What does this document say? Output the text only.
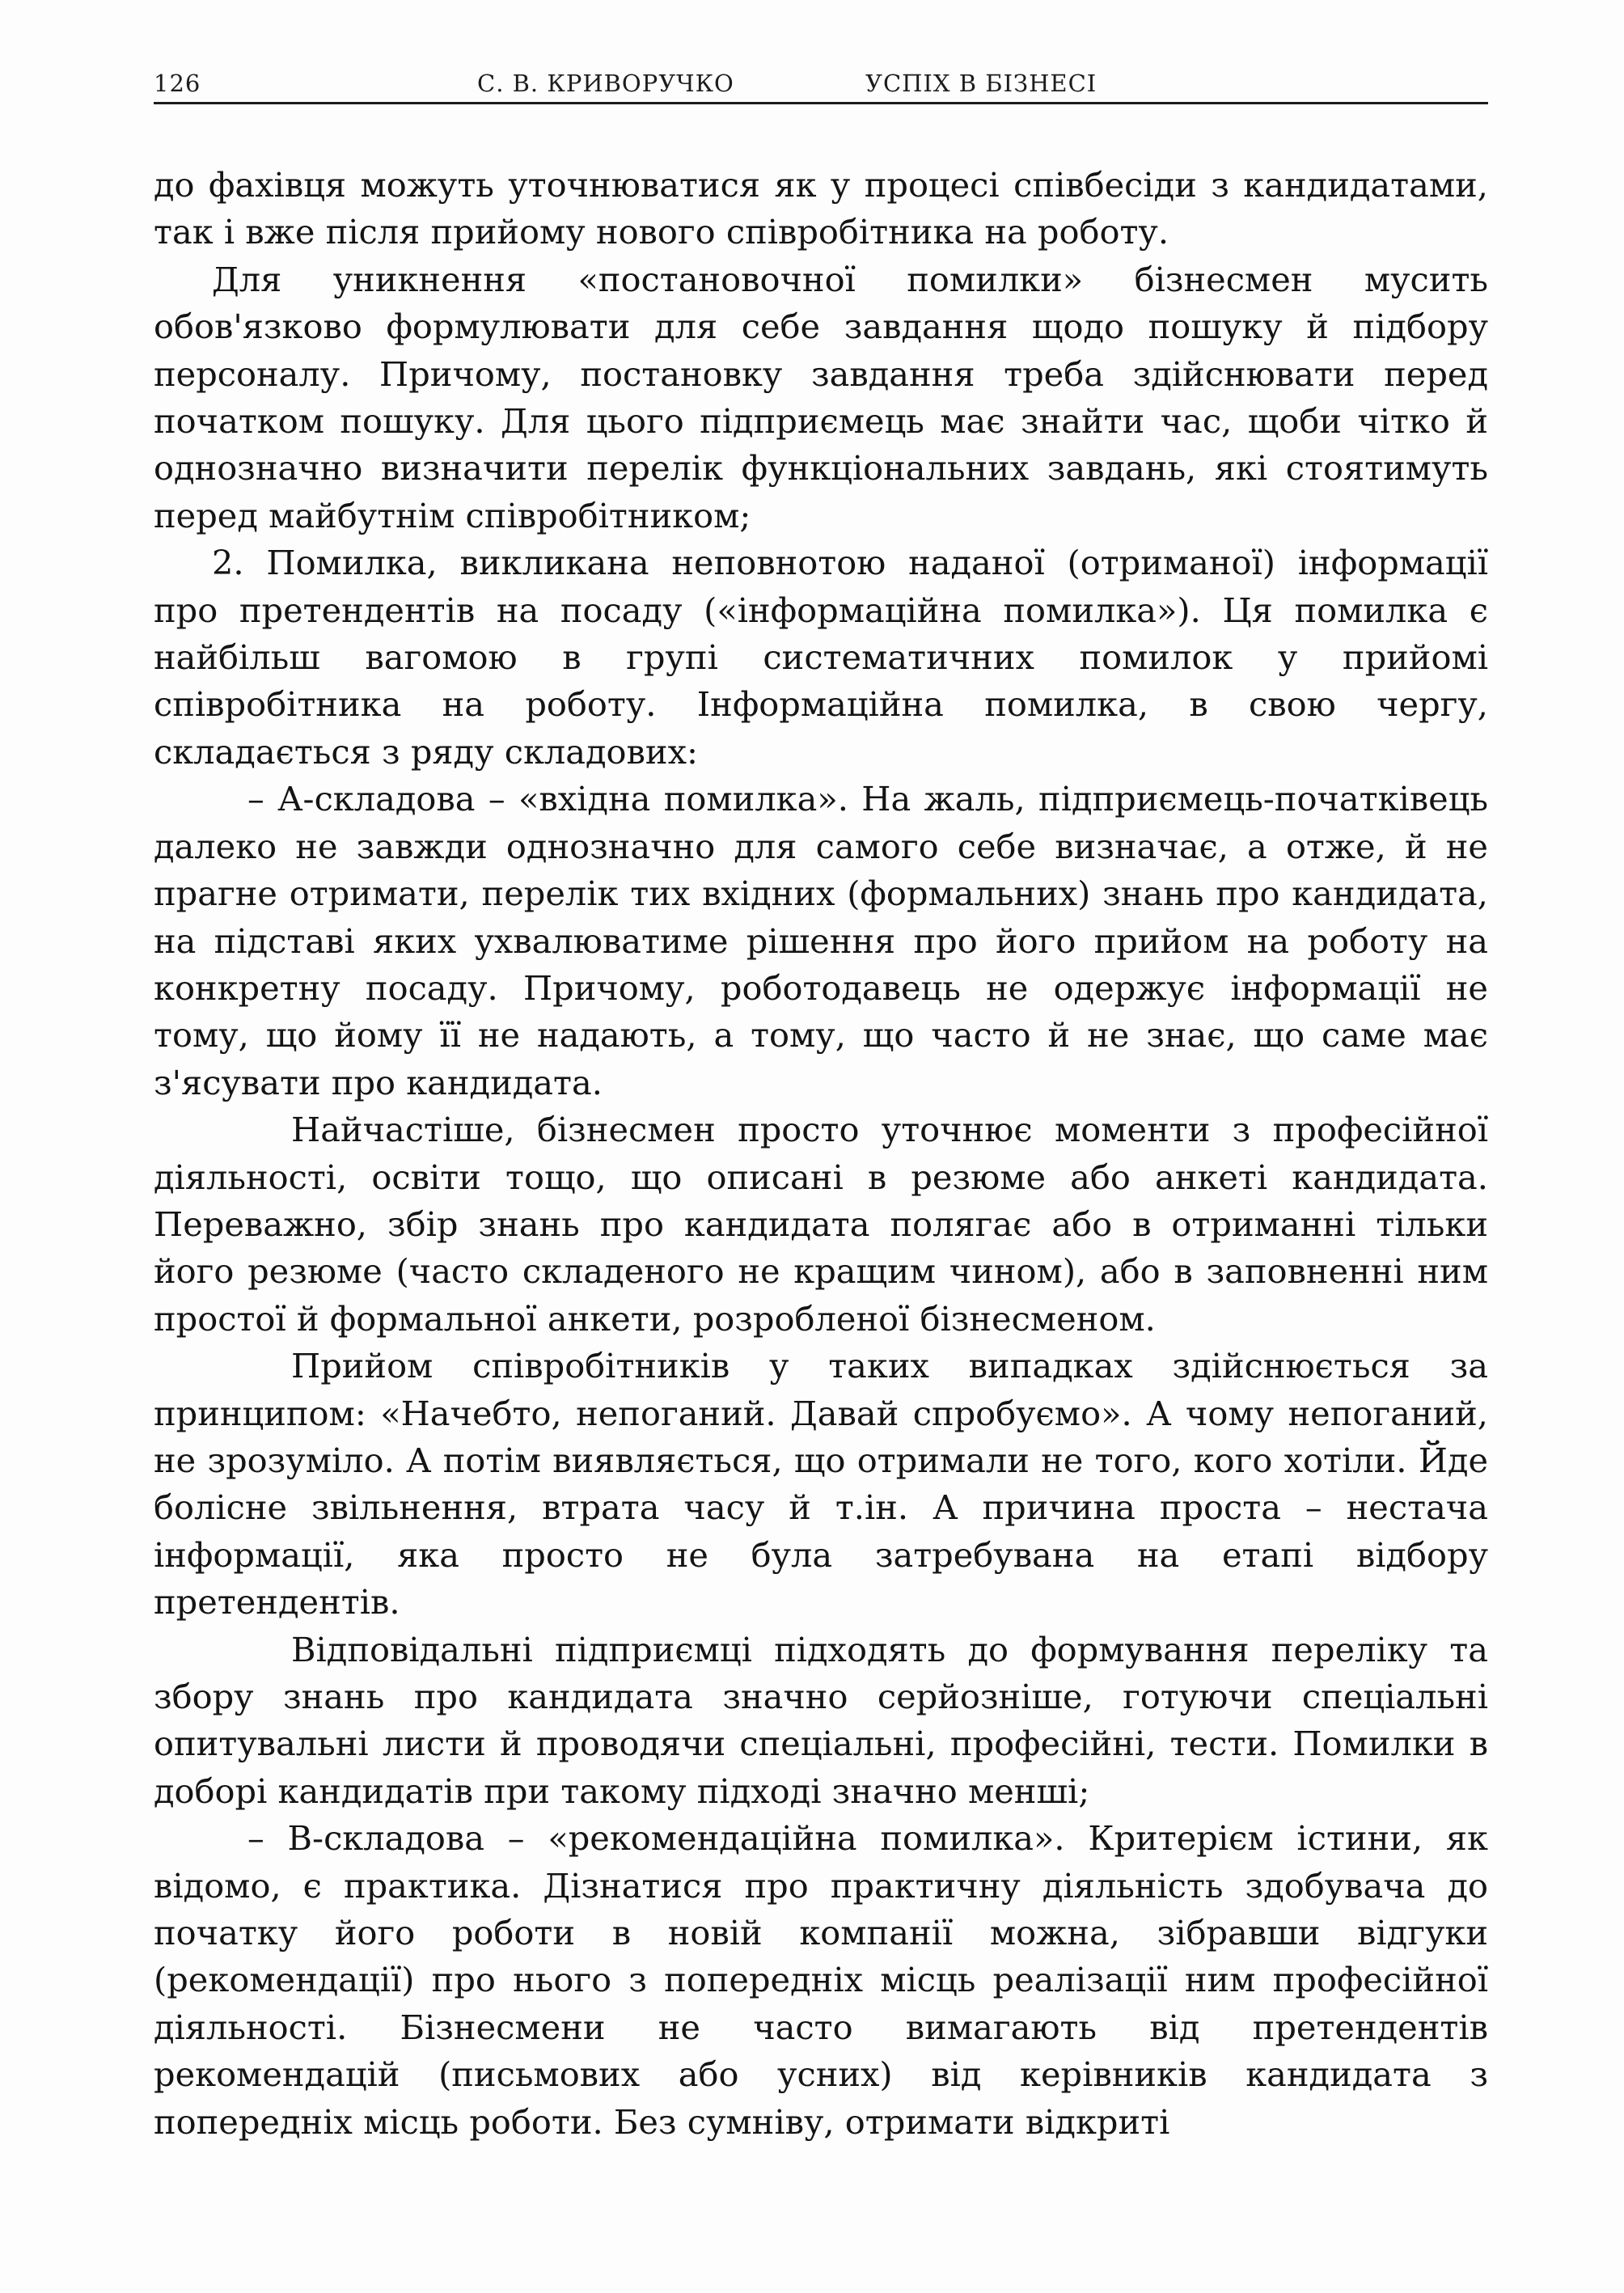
126	С. В. КРИВОРУЧКО	УСПІХ В БІЗНЕСІ

до фахівця можуть уточнюватися як у процесі співбесіди з кандидатами, так і вже після прийому нового співробітника на роботу.

Для уникнення «постановочної помилки» бізнесмен мусить обов'язково формулювати для себе завдання щодо пошуку й підбору персоналу. Причому, постановку завдання треба здійснювати перед початком пошуку. Для цього підприємець має знайти час, щоби чітко й однозначно визначити перелік функціональних завдань, які стоятимуть перед майбутнім співробітником;

2. Помилка, викликана неповнотою наданої (отриманої) інформації про претендентів на посаду («інформаційна помилка»). Ця помилка є найбільш вагомою в групі систематичних помилок у прийомі співробітника на роботу. Інформаційна помилка, в свою чергу, складається з ряду складових:

– А-складова – «вхідна помилка». На жаль, підприємець-початківець далеко не завжди однозначно для самого себе визначає, а отже, й не прагне отримати, перелік тих вхідних (формальних) знань про кандидата, на підставі яких ухвалюватиме рішення про його прийом на роботу на конкретну посаду. Причому, роботодавець не одержує інформації не тому, що йому її не надають, а тому, що часто й не знає, що саме має з'ясувати про кандидата.

Найчастіше, бізнесмен просто уточнює моменти з професійної діяльності, освіти тощо, що описані в резюме або анкеті кандидата. Переважно, збір знань про кандидата полягає або в отриманні тільки його резюме (часто складеного не кращим чином), або в заповненні ним простої й формальної анкети, розробленої бізнесменом.

Прийом співробітників у таких випадках здійснюється за принципом: «Начебто, непоганий. Давай спробуємо». А чому непоганий, не зрозуміло. А потім виявляється, що отримали не того, кого хотіли. Йде болісне звільнення, втрата часу й т.ін. А причина проста – нестача інформації, яка просто не була затребувана на етапі відбору претендентів.

Відповідальні підприємці підходять до формування переліку та збору знань про кандидата значно серйозніше, готуючи спеціальні опитувальні листи й проводячи спеціальні, професійні, тести. Помилки в доборі кандидатів при такому підході значно менші;

– В-складова – «рекомендаційна помилка». Критерієм істини, як відомо, є практика. Дізнатися про практичну діяльність здобувача до початку його роботи в новій компанії можна, зібравши відгуки (рекомендації) про нього з попередніх місць реалізації ним професійної діяльності. Бізнесмени не часто вимагають від претендентів рекомендацій (письмових або усних) від керівників кандидата з попередніх місць роботи. Без сумніву, отримати відкриті
